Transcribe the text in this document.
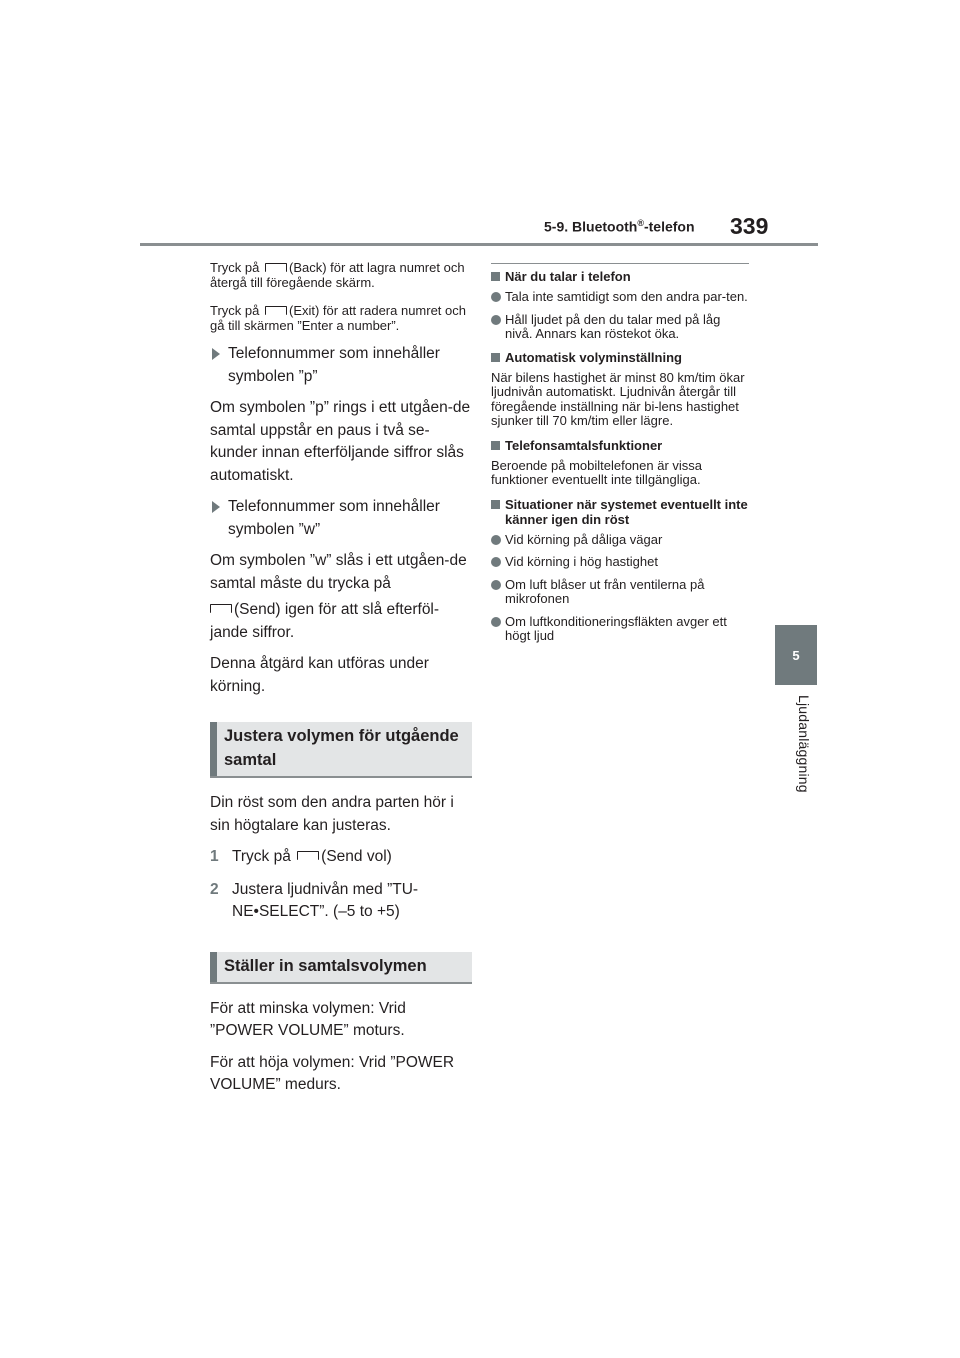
5-9. Bluetooth®-telefon 339
5
Ljudanläggning

Tryck på (Back) för att lagra numret och återgå till föregående skärm.

Tryck på (Exit) för att radera numret och gå till skärmen ”Enter a number”.

Telefonnummer som innehåller symbolen ”p”

Om symbolen ”p” rings i ett utgåen-de samtal uppstår en paus i två se-kunder innan efterföljande siffror slås automatiskt.

Telefonnummer som innehåller symbolen ”w”

Om symbolen ”w” slås i ett utgåen-de samtal måste du trycka på

(Send) igen för att slå efterföl-jande siffror.

Denna åtgärd kan utföras under körning.

Justera volymen för utgående samtal

Din röst som den andra parten hör i sin högtalare kan justeras.

1 Tryck på (Send vol)
2 Justera ljudnivån med ”TU-NE•SELECT”. (–5 to +5)
Ställer in samtalsvolymen

För att minska volymen: Vrid ”POWER VOLUME” moturs.

För att höja volymen: Vrid ”POWER VOLUME” medurs.

När du talar i telefon
Tala inte samtidigt som den andra par-ten.
Håll ljudet på den du talar med på låg nivå. Annars kan röstekot öka.
Automatisk volyminställning

När bilens hastighet är minst 80 km/tim ökar ljudnivån automatiskt. Ljudnivån återgår till föregående inställning när bi-lens hastighet sjunker till 70 km/tim eller lägre.

Telefonsamtalsfunktioner

Beroende på mobiltelefonen är vissa funktioner eventuellt inte tillgängliga.

Situationer när systemet eventuellt inte känner igen din röst
Vid körning på dåliga vägar
Vid körning i hög hastighet
Om luft blåser ut från ventilerna på mikrofonen
Om luftkonditioneringsfläkten avger ett högt ljud
